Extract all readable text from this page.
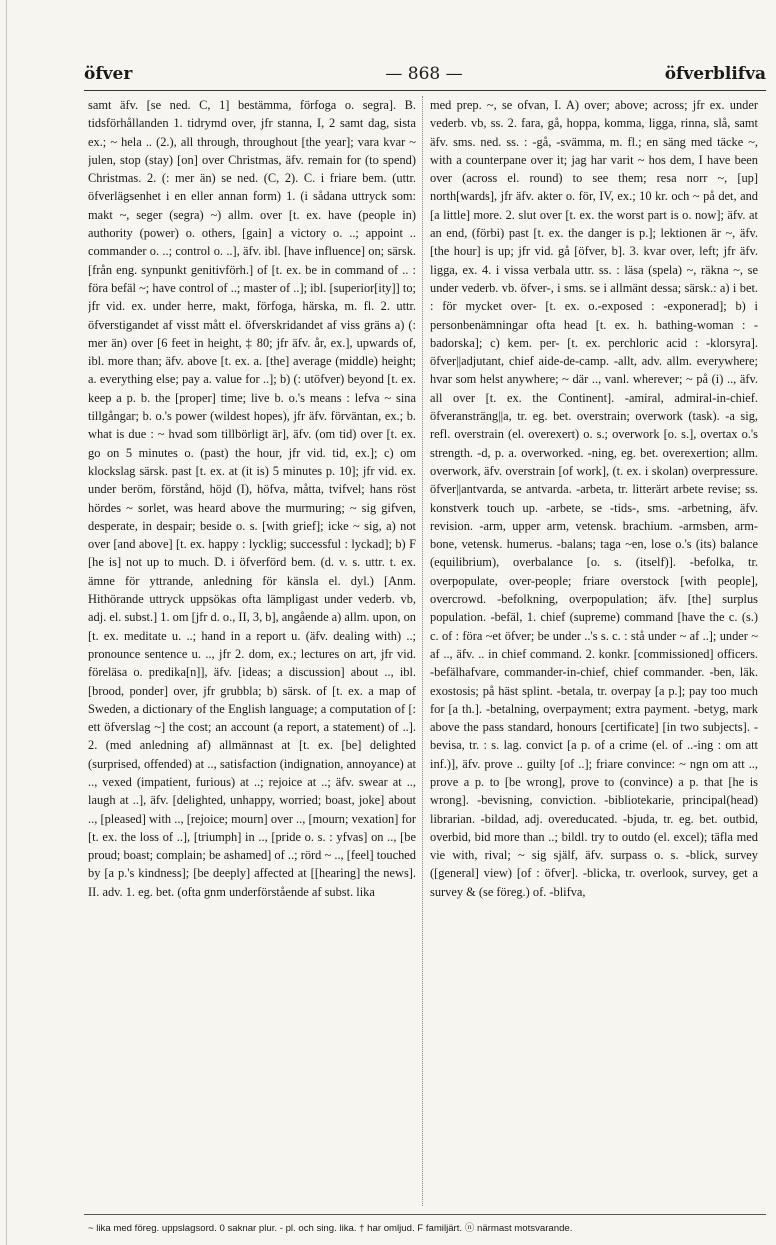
öfver	— 868 —	öfverblifva

samt äfv. [se ned. C, 1] bestämma, förfoga o. segra]. B. tidsförhållanden 1. tidrymd over, jfr stanna, I, 2 samt dag, sista ex.; ~ hela .. (2.), all through, throughout [the year]; vara kvar ~ julen, stop (stay) [on] over Christmas, äfv. remain for (to spend) Christmas. 2. (: mer än) se ned. (C, 2). C. i friare bem. (uttr. öfverlägsenhet i en eller annan form) 1. (i sådana uttryck som: makt ~, seger (segra) ~) allm. over [t. ex. have (people in) authority (power) o. others, [gain] a victory o. ..; appoint .. commander o. ..; control o. ..], äfv. ibl. [have influence] on; särsk. [från eng. synpunkt genitivförh.] of [t. ex. be in command of .. : föra befäl ~; have control of ..; master of ..]; ibl. [superior[ity]] to; jfr vid. ex. under herre, makt, förfoga, härska, m. fl. 2. uttr. öfverstigandet af visst mått el. öfverskridandet af viss gräns a) (: mer än) over [6 feet in height, ‡ 80; jfr äfv. år, ex.], upwards of, ibl. more than; äfv. above [t. ex. a. [the] average (middle) height; a. everything else; pay a. value for ..]; b) (: utöfver) beyond [t. ex. keep a p. b. the [proper] time; live b. o.'s means : lefva ~ sina tillgångar; b. o.'s power (wildest hopes), jfr äfv. förväntan, ex.; b. what is due : ~ hvad som tillbörligt är], äfv. (om tid) over [t. ex. go on 5 minutes o. (past) the hour, jfr vid. tid, ex.]; c) om klockslag särsk. past [t. ex. at (it is) 5 minutes p. 10]; jfr vid. ex. under beröm, förstånd, höjd (I), höfva, måtta, tvifvel; hans röst hördes ~ sorlet, was heard above the murmuring; ~ sig gifven, desperate, in despair; beside o. s. [with grief]; icke ~ sig, a) not over [and above] [t. ex. happy : lycklig; successful : lyckad]; b) F [he is] not up to much. D. i öfverförd bem. (d. v. s. uttr. t. ex. ämne för yttrande, anledning för känsla el. dyl.) [Anm. Hithörande uttryck uppsökas ofta lämpligast under vederb. vb, adj. el. subst.] 1. om [jfr d. o., II, 3, b], angående a) allm. upon, on [t. ex. meditate u. ..; hand in a report u. (äfv. dealing with) ..; pronounce sentence u. .., jfr 2. dom, ex.; lectures on art, jfr vid. föreläsa o. predika[n]], äfv. [ideas; a discussion] about .., ibl. [brood, ponder] over, jfr grubbla; b) särsk. of [t. ex. a map of Sweden, a dictionary of the English language; a computation of [: ett öfverslag ~] the cost; an account (a report, a statement) of ..]. 2. (med anledning af) allmännast at [t. ex. [be] delighted (surprised, offended) at .., satisfaction (indignation, annoyance) at .., vexed (impatient, furious) at ..; rejoice at ..; äfv. swear at .., laugh at ..], äfv. [delighted, unhappy, worried; boast, joke] about .., [pleased] with .., [rejoice; mourn] over .., [mourn; vexation] for [t. ex. the loss of ..], [triumph] in .., [pride o. s. : yfvas] on .., [be proud; boast; complain; be ashamed] of ..; rörd ~ .., [feel] touched by [a p.'s kindness]; [be deeply] affected at [[hearing] the news]. II. adv. 1. eg. bet. (ofta gnm underförstående af subst. lika

med prep. ~, se ofvan, I. A) over; above; across; jfr ex. under vederb. vb, ss. 2. fara, gå, hoppa, komma, ligga, rinna, slå, samt äfv. sms. ned. ss. : -gå, -svämma, m. fl.; en säng med täcke ~, with a counterpane over it; jag har varit ~ hos dem, I have been over (across el. round) to see them; resa norr ~, [up] north[wards], jfr äfv. akter o. för, IV, ex.; 10 kr. och ~ på det, and [a little] more. 2. slut over [t. ex. the worst part is o. now]; äfv. at an end, (förbi) past [t. ex. the danger is p.]; lektionen är ~, äfv. [the hour] is up; jfr vid. gå [öfver, b]. 3. kvar over, left; jfr äfv. ligga, ex. 4. i vissa verbala uttr. ss. : läsa (spela) ~, räkna ~, se under vederb. vb. öfver-, i sms. se i allmänt dessa; särsk.: a) i bet. : för mycket over- [t. ex. o.-exposed : -exponerad]; b) i personbenämningar ofta head [t. ex. h. bathing-woman : -badorska]; c) kem. per- [t. ex. perchloric acid : -klorsyra]. öfver||adjutant, chief aide-de-camp. -allt, adv. allm. everywhere; hvar som helst anywhere; ~ där .., vanl. wherever; ~ på (i) .., äfv. all over [t. ex. the Continent]. -amiral, admiral-in-chief. öfveransträng||a, tr. eg. bet. overstrain; overwork (task). -a sig, refl. overstrain (el. overexert) o. s.; overwork [o. s.], overtax o.'s strength. -d, p. a. overworked. -ning, eg. bet. overexertion; allm. overwork, äfv. overstrain [of work], (t. ex. i skolan) overpressure. öfver||antvarda, se antvarda. -arbeta, tr. litterärt arbete revise; ss. konstverk touch up. -arbete, se -tids-, sms. -arbetning, äfv. revision. -arm, upper arm, vetensk. brachium. -armsben, arm-bone, vetensk. humerus. -balans; taga ~en, lose o.'s (its) balance (equilibrium), overbalance [o. s. (itself)]. -befolka, tr. overpopulate, over-people; friare overstock [with people], overcrowd. -befolkning, overpopulation; äfv. [the] surplus population. -befäl, 1. chief (supreme) command [have the c. (s.) c. of : föra ~et öfver; be under ..'s s. c. : stå under ~ af ..]; under ~ af .., äfv. .. in chief command. 2. konkr. [commissioned] officers. -befälhafvare, commander-in-chief, chief commander. -ben, läk. exostosis; på häst splint. -betala, tr. overpay [a p.]; pay too much for [a th.]. -betalning, overpayment; extra payment. -betyg, mark above the pass standard, honours [certificate] [in two subjects]. -bevisa, tr. : s. lag. convict [a p. of a crime (el. of ..-ing : om att inf.)], äfv. prove .. guilty [of ..]; friare convince: ~ ngn om att .., prove a p. to [be wrong], prove to (convince) a p. that [he is wrong]. -bevisning, conviction. -bibliotekarie, principal(head) librarian. -bildad, adj. overeducated. -bjuda, tr. eg. bet. outbid, overbid, bid more than ..; bildl. try to outdo (el. excel); täfla med vie with, rival; ~ sig själf, äfv. surpass o. s. -blick, survey ([general] view) [of : öfver]. -blicka, tr. overlook, survey, get a survey & (se föreg.) of. -blifva,

~ lika med föreg. uppslagsord. 0 saknar plur. - pl. och sing. lika. † har omljud. F familjärt. ⓝ närmast motsvarande.
